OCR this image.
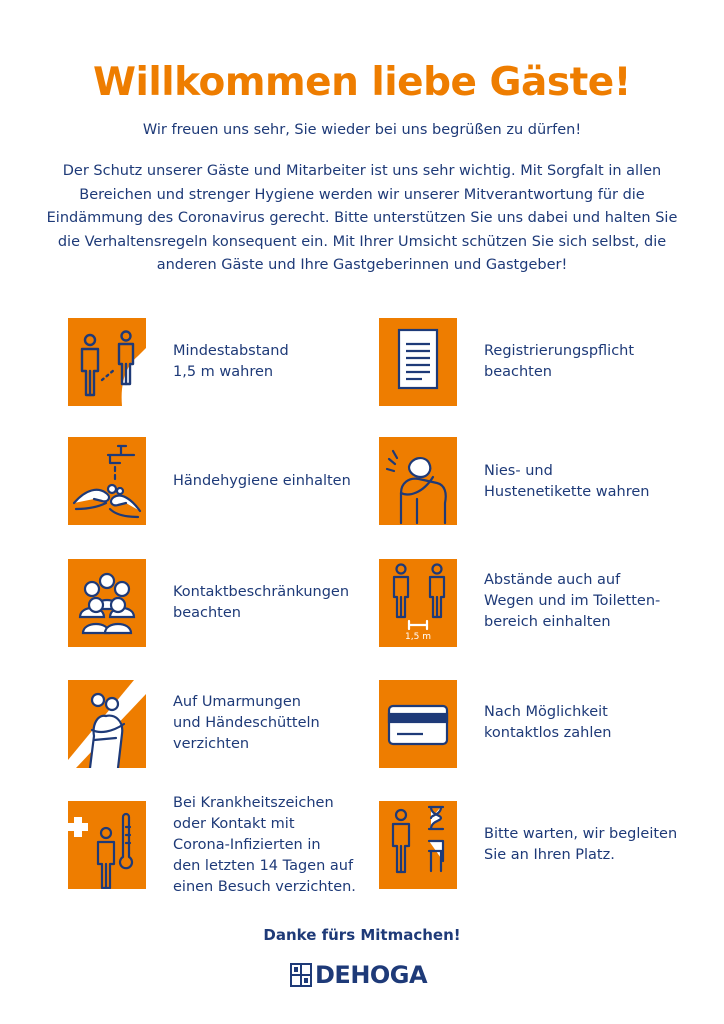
Willkommen liebe Gäste!

Wir freuen uns sehr, Sie wieder bei uns begrüßen zu dürfen!

Der Schutz unserer Gäste und Mitarbeiter ist uns sehr wichtig. Mit Sorgfalt in allen Bereichen und strenger Hygiene werden wir unserer Mitverantwortung für die Eindämmung des Coronavirus gerecht. Bitte unterstützen Sie uns dabei und halten Sie die Verhaltensregeln konsequent ein. Mit Ihrer Umsicht schützen Sie sich selbst, die anderen Gäste und Ihre Gastgeberinnen und Gastgeber!

Mindestabstand
1,5 m wahren

Registrierungspflicht
beachten

Händehygiene einhalten

Nies- und
Hustenetikette wahren

Kontaktbeschränkungen
beachten

1,5 m

Abstände auch auf
Wegen und im Toiletten-
bereich einhalten

Auf Umarmungen
und Händeschütteln
verzichten

Nach Möglichkeit
kontaktlos zahlen

Bei Krankheitszeichen
oder Kontakt mit
Corona-Infizierten in
den letzten 14 Tagen auf
einen Besuch verzichten.

Bitte warten, wir begleiten
Sie an Ihren Platz.

Danke fürs Mitmachen!

DEHOGA
